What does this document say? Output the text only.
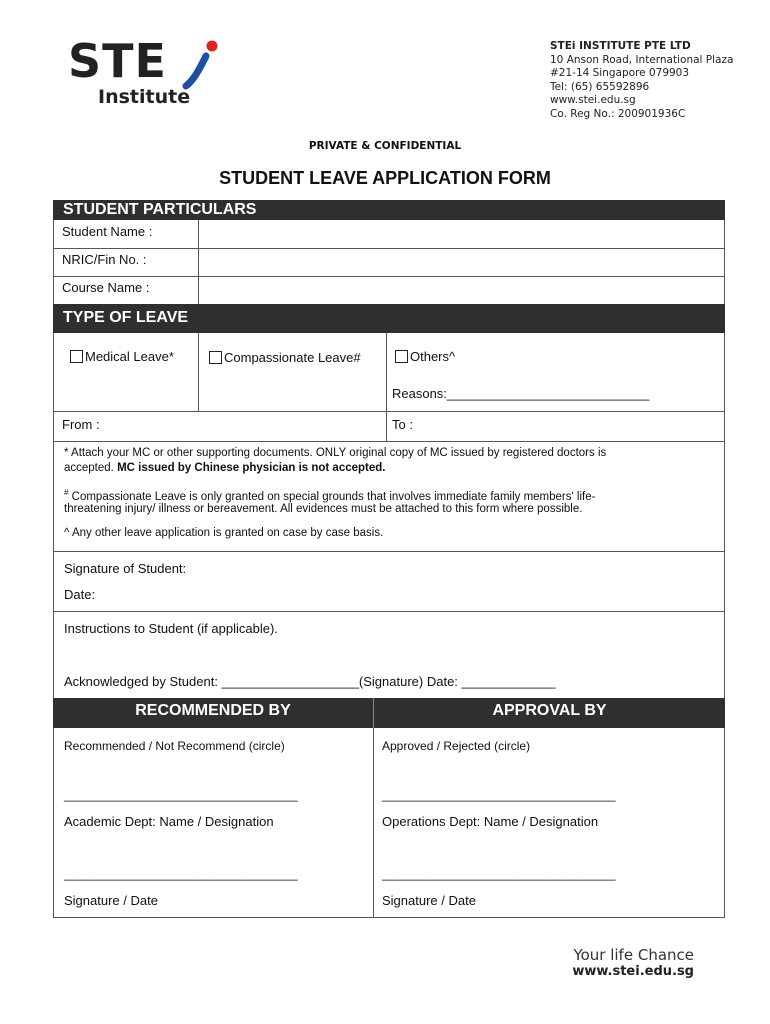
STE
Institute
STEi INSTITUTE PTE LTD
10 Anson Road, International Plaza
#21-14 Singapore 079903
Tel: (65) 65592896
www.stei.edu.sg
Co. Reg No.: 200901936C
PRIVATE & CONFIDENTIAL
STUDENT LEAVE APPLICATION FORM
STUDENT PARTICULARS
Student Name :
NRIC/Fin No. :
Course Name :
TYPE OF LEAVE
Medical Leave*	Compassionate Leave#	Others^
Reasons:____________________________
From :	To :
* Attach your MC or other supporting documents. ONLY original copy of MC issued by registered doctors is
accepted. MC issued by Chinese physician is not accepted.
# Compassionate Leave is only granted on special grounds that involves immediate family members' life-
threatening injury/ illness or bereavement. All evidences must be attached to this form where possible.
^ Any other leave application is granted on case by case basis.
Signature of Student:
Date:
Instructions to Student (if applicable).
Acknowledged by Student: ___________________(Signature) Date: _____________
RECOMMENDED BY	APPROVAL BY
Recommended / Not Recommend (circle)
___________________________________
Academic Dept: Name / Designation
___________________________________
Signature / Date
Approved / Rejected (circle)
___________________________________
Operations Dept: Name / Designation
___________________________________
Signature / Date
Your life Chance
www.stei.edu.sg
